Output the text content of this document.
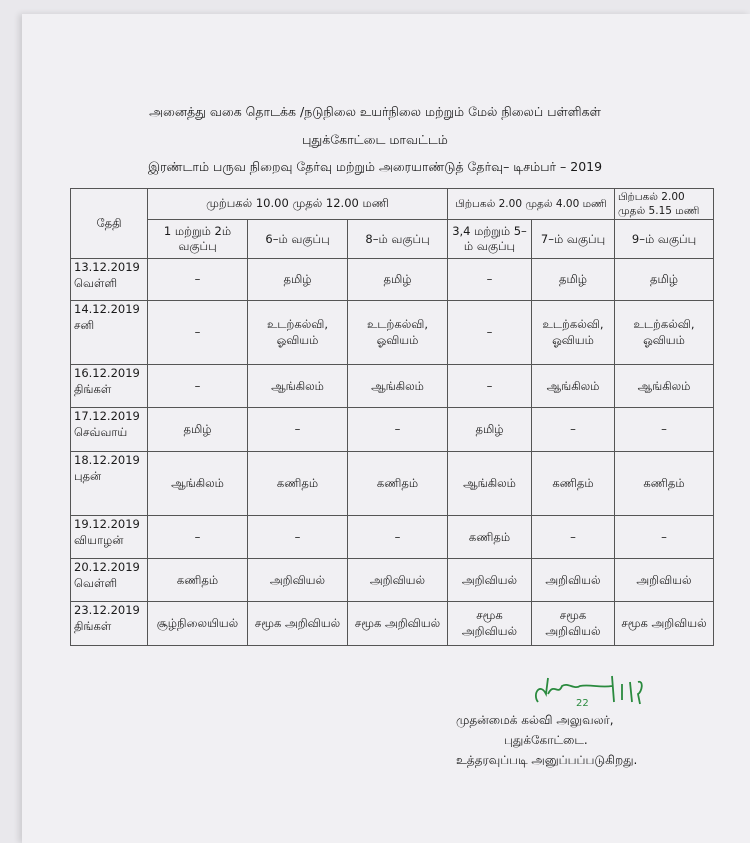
அனைத்து வகை தொடக்க /நடுநிலை உயர்நிலை மற்றும் மேல் நிலைப் பள்ளிகள்
புதுக்கோட்டை மாவட்டம்
இரண்டாம் பருவ நிறைவு தேர்வு மற்றும் அரையாண்டுத் தேர்வு– டிசம்பர் – 2019
தேதி	முற்பகல் 10.00 முதல் 12.00 மணி			பிற்பகல் 2.00 முதல் 4.00 மணி		பிற்பகல் 2.00 முதல் 5.15 மணி
	1 மற்றும் 2ம் வகுப்பு	6–ம் வகுப்பு	8–ம் வகுப்பு	3,4 மற்றும் 5–ம் வகுப்பு	7–ம் வகுப்பு	9–ம் வகுப்பு

13.12.2019
வெள்ளி	–	தமிழ்	தமிழ்	–	தமிழ்	தமிழ்

14.12.2019
சனி	–	உடற்கல்வி, ஓவியம்	உடற்கல்வி, ஓவியம்	–	உடற்கல்வி, ஓவியம்	உடற்கல்வி, ஓவியம்

16.12.2019
திங்கள்	–	ஆங்கிலம்	ஆங்கிலம்	–	ஆங்கிலம்	ஆங்கிலம்

17.12.2019
செவ்வாய்	தமிழ்	–	–	தமிழ்	–	–

18.12.2019
புதன்	ஆங்கிலம்	கணிதம்	கணிதம்	ஆங்கிலம்	கணிதம்	கணிதம்

19.12.2019
வியாழன்	–	–	–	கணிதம்	–	–

20.12.2019
வெள்ளி	கணிதம்	அறிவியல்	அறிவியல்	அறிவியல்	அறிவியல்	அறிவியல்

23.12.2019
திங்கள்	சூழ்நிலையியல்	சமூக அறிவியல்	சமூக அறிவியல்	சமூக அறிவியல்	சமூக அறிவியல்	சமூக அறிவியல்
22
முதன்மைக் கல்வி அலுவலர்,
புதுக்கோட்டை.
உத்தரவுப்படி அனுப்பப்படுகிறது.
